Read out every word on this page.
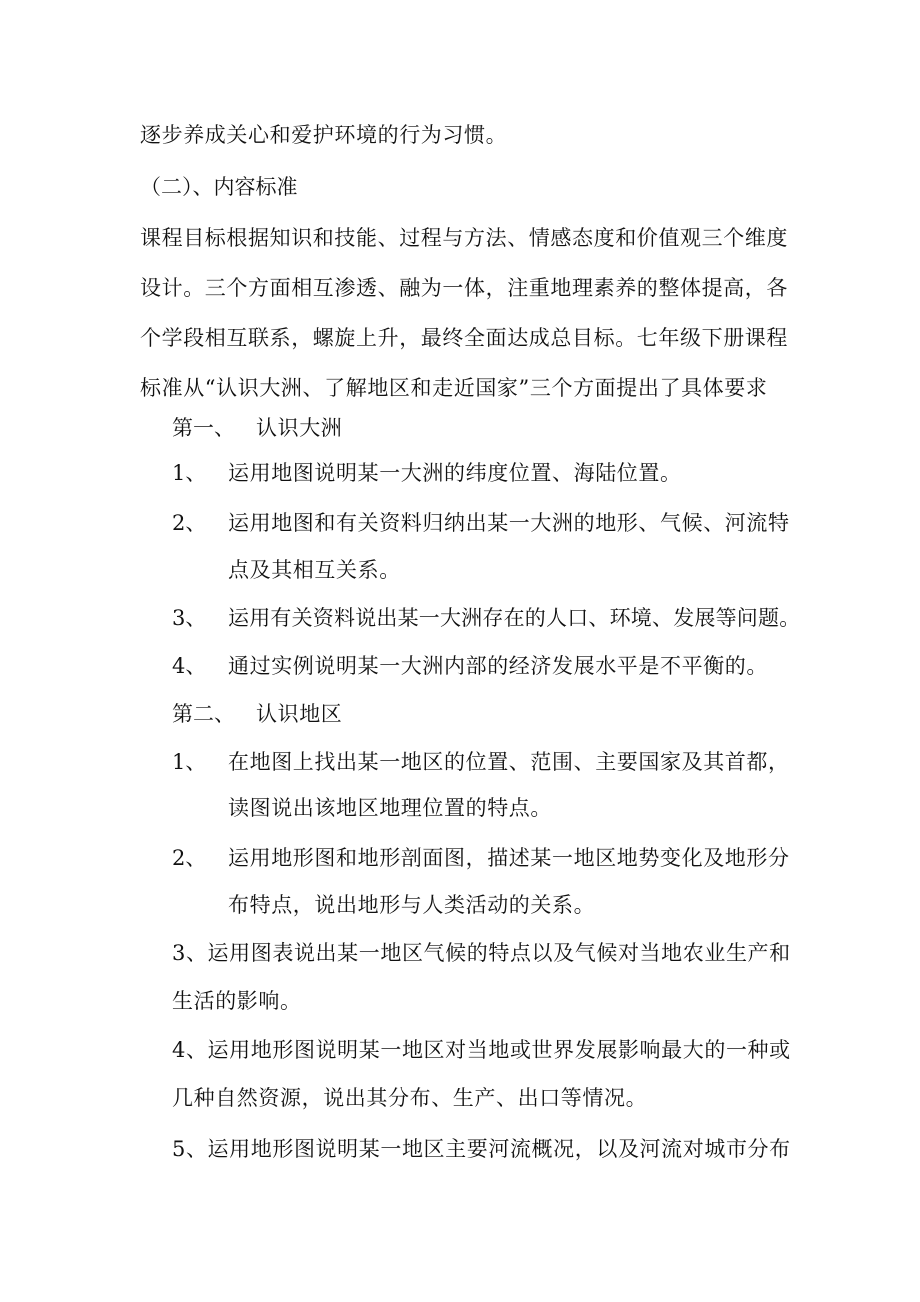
逐步养成关心和爱护环境的行为习惯。
（二）、内容标准
课程目标根据知识和技能、过程与方法、情感态度和价值观三个维度
设计。三个方面相互渗透、融为一体，注重地理素养的整体提高，各
个学段相互联系，螺旋上升，最终全面达成总目标。七年级下册课程
标准从“认识大洲、了解地区和走近国家”三个方面提出了具体要求
第一、 认识大洲
1、 运用地图说明某一大洲的纬度位置、海陆位置。
2、 运用地图和有关资料归纳出某一大洲的地形、气候、河流特
点及其相互关系。
3、 运用有关资料说出某一大洲存在的人口、环境、发展等问题。
4、 通过实例说明某一大洲内部的经济发展水平是不平衡的。
第二、 认识地区
1、 在地图上找出某一地区的位置、范围、主要国家及其首都，
读图说出该地区地理位置的特点。
2、 运用地形图和地形剖面图，描述某一地区地势变化及地形分
布特点，说出地形与人类活动的关系。
3、运用图表说出某一地区气候的特点以及气候对当地农业生产和
生活的影响。
4、运用地形图说明某一地区对当地或世界发展影响最大的一种或
几种自然资源，说出其分布、生产、出口等情况。
5、运用地形图说明某一地区主要河流概况，以及河流对城市分布
